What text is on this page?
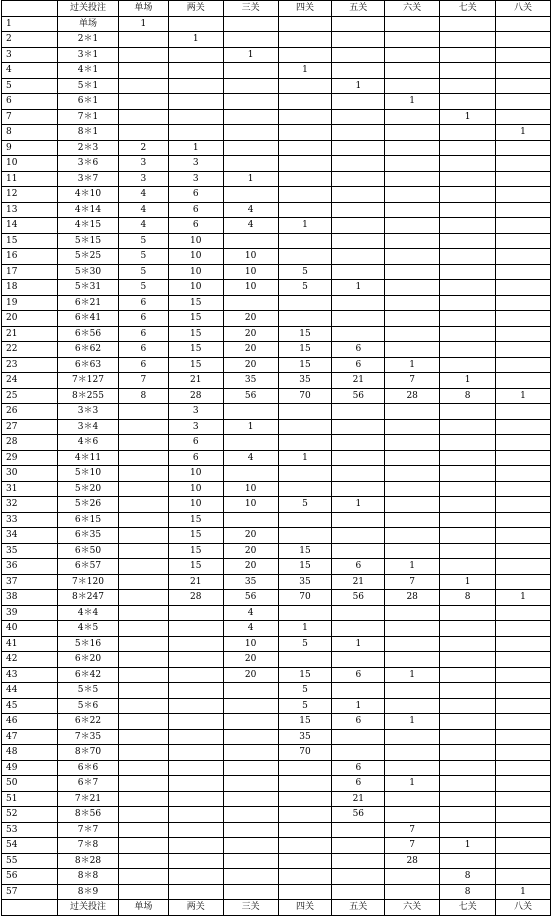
	过关投注	单场	两关	三关	四关	五关	六关	七关	八关
1	单场	1							
2	2＊1		1						
3	3＊1			1					
4	4＊1				1				
5	5＊1					1			
6	6＊1						1		
7	7＊1							1	
8	8＊1								1
9	2＊3	2	1						
10	3＊6	3	3						
11	3＊7	3	3	1					
12	4＊10	4	6						
13	4＊14	4	6	4					
14	4＊15	4	6	4	1				
15	5＊15	5	10						
16	5＊25	5	10	10					
17	5＊30	5	10	10	5				
18	5＊31	5	10	10	5	1			
19	6＊21	6	15						
20	6＊41	6	15	20					
21	6＊56	6	15	20	15				
22	6＊62	6	15	20	15	6			
23	6＊63	6	15	20	15	6	1		
24	7＊127	7	21	35	35	21	7	1	
25	8＊255	8	28	56	70	56	28	8	1
26	3＊3		3						
27	3＊4		3	1					
28	4＊6		6						
29	4＊11		6	4	1				
30	5＊10		10						
31	5＊20		10	10					
32	5＊26		10	10	5	1			
33	6＊15		15						
34	6＊35		15	20					
35	6＊50		15	20	15				
36	6＊57		15	20	15	6	1		
37	7＊120		21	35	35	21	7	1	
38	8＊247		28	56	70	56	28	8	1
39	4＊4			4					
40	4＊5			4	1				
41	5＊16			10	5	1			
42	6＊20			20					
43	6＊42			20	15	6	1		
44	5＊5				5				
45	5＊6				5	1			
46	6＊22				15	6	1		
47	7＊35				35				
48	8＊70				70				
49	6＊6					6			
50	6＊7					6	1		
51	7＊21					21			
52	8＊56					56			
53	7＊7						7		
54	7＊8						7	1	
55	8＊28						28		
56	8＊8							8	
57	8＊9							8	1
	过关投注	单场	两关	三关	四关	五关	六关	七关	八关
